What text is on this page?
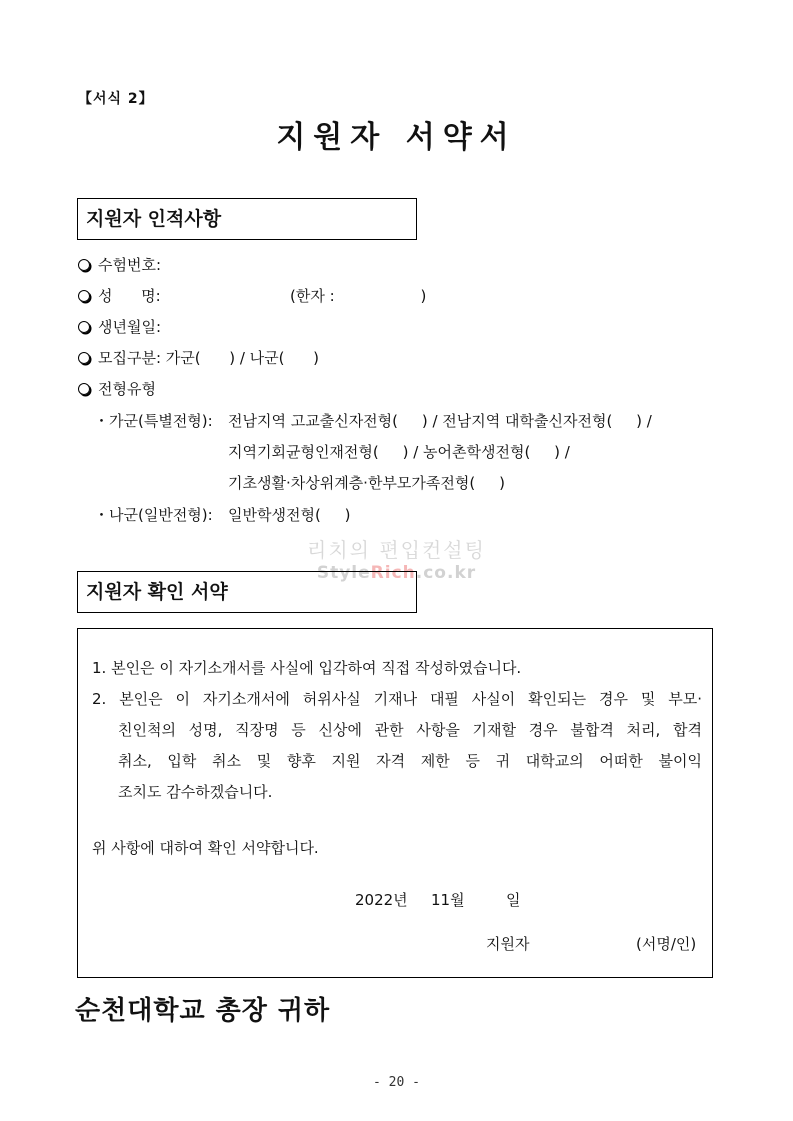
【서식 2】
지원자 서약서
지원자 인적사항
수험번호:
성      명:	(한자 :                  )
생년월일:
모집구분: 가군(      ) / 나군(      )
전형유형
・가군(특별전형): 전남지역 고교출신자전형(     ) / 전남지역 대학출신자전형(     ) /
지역기회균형인재전형(     ) / 농어촌학생전형(     ) /
기초생활·차상위계층·한부모가족전형(     )
・나군(일반전형): 일반학생전형(     )
리치의 편입컨설팅
StyleRich.co.kr
지원자 확인 서약
1. 본인은 이 자기소개서를 사실에 입각하여 직접 작성하였습니다.
2. 본인은 이 자기소개서에 허위사실 기재나 대필 사실이 확인되는 경우 및 부모·
친인척의 성명, 직장명 등 신상에 관한 사항을 기재할 경우 불합격 처리, 합격
취소, 입학 취소 및 향후 지원 자격 제한 등 귀 대학교의 어떠한 불이익
조치도 감수하겠습니다.
위 사항에 대하여 확인 서약합니다.
2022년 11월	일
지원자	(서명/인)
순천대학교 총장 귀하
- 20 -
